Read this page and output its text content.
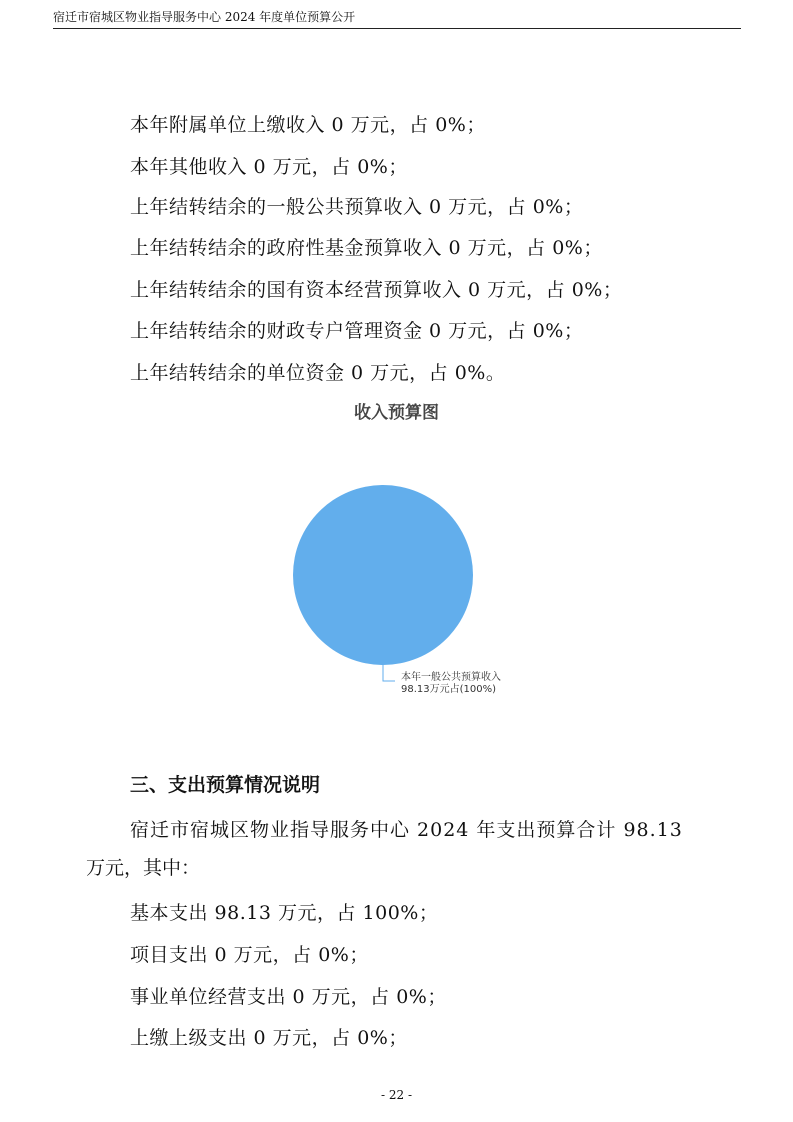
宿迁市宿城区物业指导服务中心 2024 年度单位预算公开
本年附属单位上缴收入 0 万元，占 0%；
本年其他收入 0 万元，占 0%；
上年结转结余的一般公共预算收入 0 万元，占 0%；
上年结转结余的政府性基金预算收入 0 万元，占 0%；
上年结转结余的国有资本经营预算收入 0 万元，占 0%；
上年结转结余的财政专户管理资金 0 万元，占 0%；
上年结转结余的单位资金 0 万元，占 0%。
收入预算图
本年一般公共预算收入
98.13万元占(100%)
三、支出预算情况说明
宿迁市宿城区物业指导服务中心 2024 年支出预算合计 98.13
万元，其中：
基本支出 98.13 万元，占 100%；
项目支出 0 万元，占 0%；
事业单位经营支出 0 万元，占 0%；
上缴上级支出 0 万元，占 0%；
- 22 -
